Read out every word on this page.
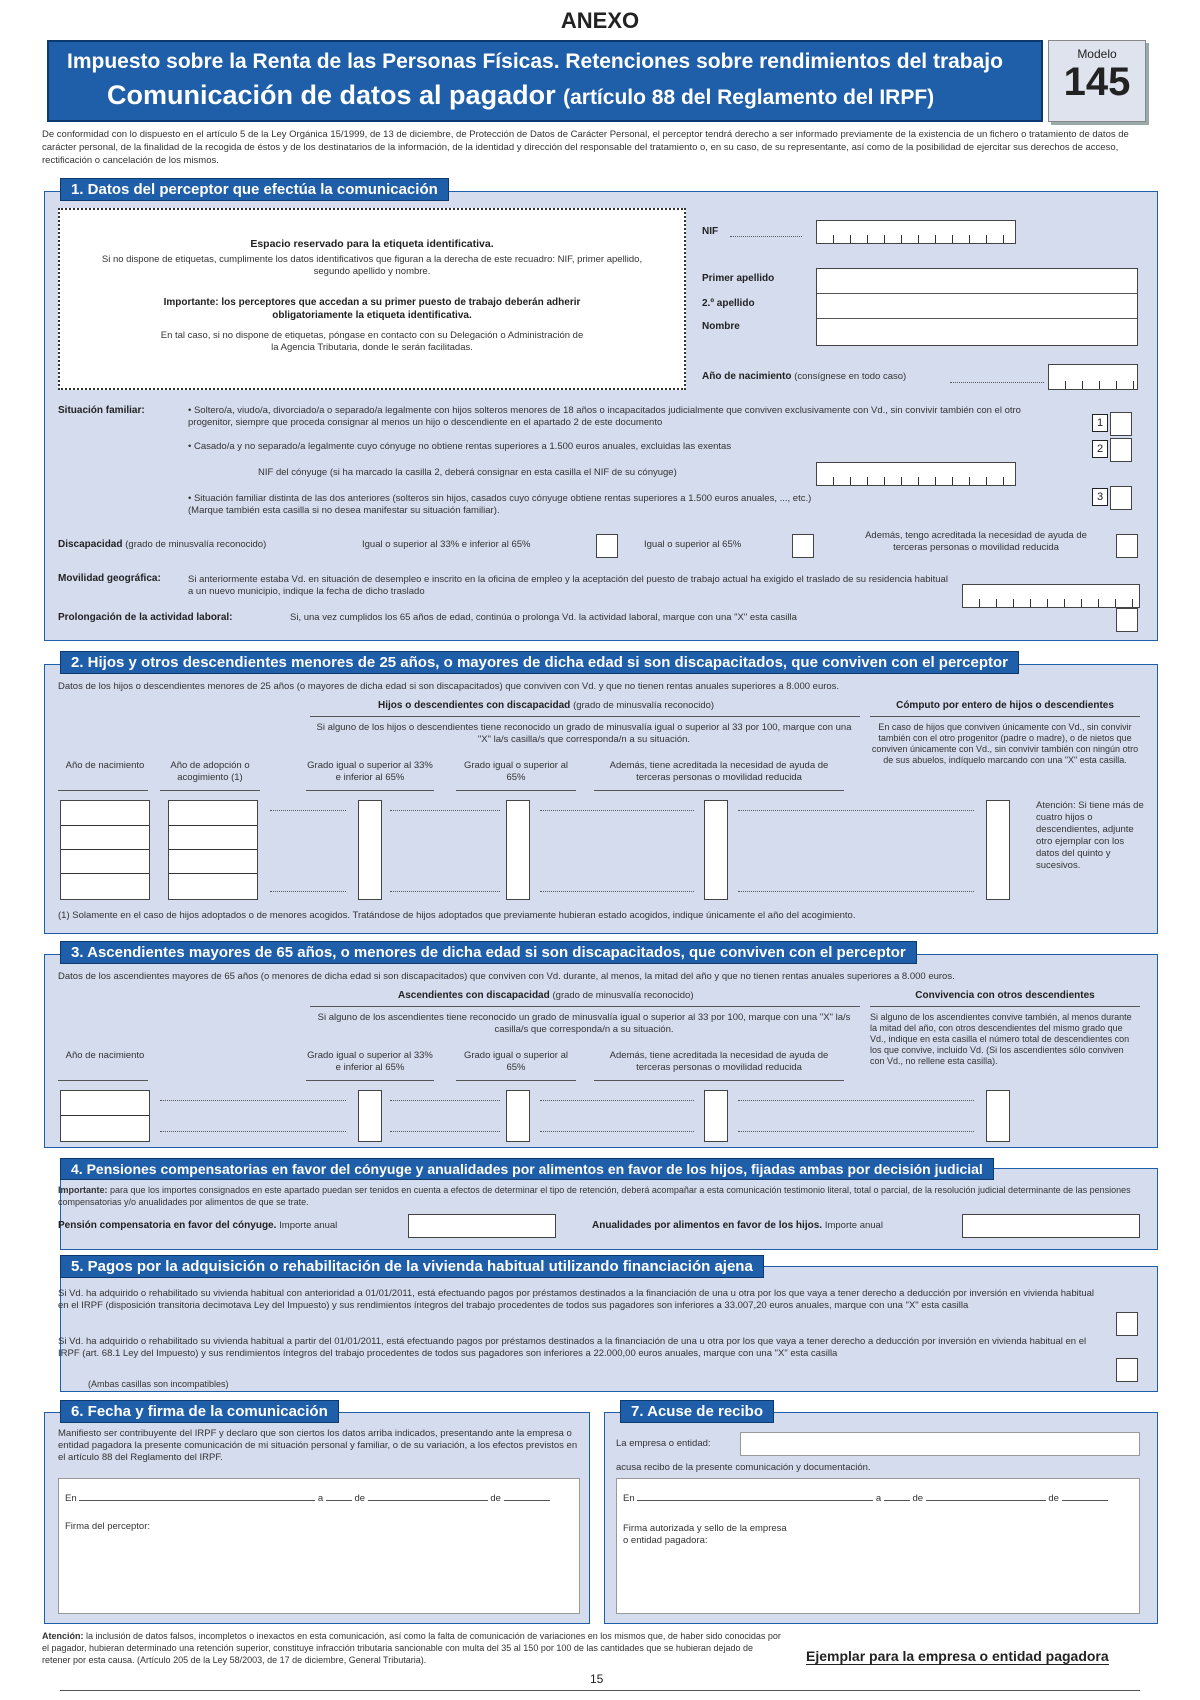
ANEXO
Impuesto sobre la Renta de las Personas Físicas. Retenciones sobre rendimientos del trabajo
Comunicación de datos al pagador (artículo 88 del Reglamento del IRPF)
Modelo
145
De conformidad con lo dispuesto en el artículo 5 de la Ley Orgánica 15/1999, de 13 de diciembre, de Protección de Datos de Carácter Personal, el perceptor tendrá derecho a ser informado previamente de la existencia de un fichero o tratamiento de datos de carácter personal, de la finalidad de la recogida de éstos y de los destinatarios de la información, de la identidad y dirección del responsable del tratamiento o, en su caso, de su representante, así como de la posibilidad de ejercitar sus derechos de acceso, rectificación o cancelación de los mismos.
1. Datos del perceptor que efectúa la comunicación
Espacio reservado para la etiqueta identificativa.
Si no dispone de etiquetas, cumplimente los datos identificativos que figuran a la derecha de este recuadro: NIF, primer apellido, segundo apellido y nombre.
Importante: los perceptores que accedan a su primer puesto de trabajo deberán adherir obligatoriamente la etiqueta identificativa.
En tal caso, si no dispone de etiquetas, póngase en contacto con su Delegación o Administración de la Agencia Tributaria, donde le serán facilitadas.
NIF
Primer apellido
2.º apellido
Nombre
Año de nacimiento (consígnese en todo caso)
Situación familiar:	• Soltero/a, viudo/a, divorciado/a o separado/a legalmente con hijos solteros menores de 18 años o incapacitados judicialmente que conviven exclusivamente con Vd., sin convivir también con el otro progenitor, siempre que proceda consignar al menos un hijo o descendiente en el apartado 2 de este documento
• Casado/a y no separado/a legalmente cuyo cónyuge no obtiene rentas superiores a 1.500 euros anuales, excluidas las exentas
NIF del cónyuge (si ha marcado la casilla 2, deberá consignar en esta casilla el NIF de su cónyuge)
• Situación familiar distinta de las dos anteriores (solteros sin hijos, casados cuyo cónyuge obtiene rentas superiores a 1.500 euros anuales, ..., etc.)
(Marque también esta casilla si no desea manifestar su situación familiar).
1
2
3
Discapacidad (grado de minusvalía reconocido)	Igual o superior al 33% e inferior al 65%	Igual o superior al 65%
Además, tengo acreditada la necesidad de ayuda de terceras personas o movilidad reducida
Movilidad geográfica:	Si anteriormente estaba Vd. en situación de desempleo e inscrito en la oficina de empleo y la aceptación del puesto de trabajo actual ha exigido el traslado de su residencia habitual a un nuevo municipio, indique la fecha de dicho traslado
Prolongación de la actividad laboral:	Si, una vez cumplidos los 65 años de edad, continúa o prolonga Vd. la actividad laboral, marque con una "X" esta casilla
2. Hijos y otros descendientes menores de 25 años, o mayores de dicha edad si son discapacitados, que conviven con el perceptor
Datos de los hijos o descendientes menores de 25 años (o mayores de dicha edad si son discapacitados) que conviven con Vd. y que no tienen rentas anuales superiores a 8.000 euros.
Hijos o descendientes con discapacidad (grado de minusvalía reconocido)	Cómputo por entero de hijos o descendientes
Si alguno de los hijos o descendientes tiene reconocido un grado de minusvalía igual o superior al 33 por 100, marque con una "X" la/s casilla/s que corresponda/n a su situación.
En caso de hijos que conviven únicamente con Vd., sin convivir también con el otro progenitor (padre o madre), o de nietos que conviven únicamente con Vd., sin convivir también con ningún otro de sus abuelos, indíquelo marcando con una "X" esta casilla.
Año de nacimiento	Año de adopción o acogimiento (1)
Grado igual o superior al 33% e inferior al 65%
Grado igual o superior al 65%
Además, tiene acreditada la necesidad de ayuda de terceras personas o movilidad reducida
Atención: Si tiene más de cuatro hijos o descendientes, adjunte otro ejemplar con los datos del quinto y sucesivos.
(1) Solamente en el caso de hijos adoptados o de menores acogidos. Tratándose de hijos adoptados que previamente hubieran estado acogidos, indique únicamente el año del acogimiento.
3. Ascendientes mayores de 65 años, o menores de dicha edad si son discapacitados, que conviven con el perceptor
Datos de los ascendientes mayores de 65 años (o menores de dicha edad si son discapacitados) que conviven con Vd. durante, al menos, la mitad del año y que no tienen rentas anuales superiores a 8.000 euros.
Ascendientes con discapacidad (grado de minusvalía reconocido)	Convivencia con otros descendientes
Si alguno de los ascendientes tiene reconocido un grado de minusvalía igual o superior al 33 por 100, marque con una "X" la/s casilla/s que corresponda/n a su situación.
Si alguno de los ascendientes convive también, al menos durante la mitad del año, con otros descendientes del mismo grado que Vd., indique en esta casilla el número total de descendientes con los que convive, incluido Vd. (Si los ascendientes sólo conviven con Vd., no rellene esta casilla).
Año de nacimiento	Grado igual o superior al 33% e inferior al 65%
Grado igual o superior al 65%
Además, tiene acreditada la necesidad de ayuda de terceras personas o movilidad reducida
4. Pensiones compensatorias en favor del cónyuge y anualidades por alimentos en favor de los hijos, fijadas ambas por decisión judicial
Importante: para que los importes consignados en este apartado puedan ser tenidos en cuenta a efectos de determinar el tipo de retención, deberá acompañar a esta comunicación testimonio literal, total o parcial, de la resolución judicial determinante de las pensiones compensatorias y/o anualidades por alimentos de que se trate.
Pensión compensatoria en favor del cónyuge. Importe anual	Anualidades por alimentos en favor de los hijos. Importe anual
5. Pagos por la adquisición o rehabilitación de la vivienda habitual utilizando financiación ajena
Si Vd. ha adquirido o rehabilitado su vivienda habitual con anterioridad a 01/01/2011, está efectuando pagos por préstamos destinados a la financiación de una u otra por los que vaya a tener derecho a deducción por inversión en vivienda habitual en el IRPF (disposición transitoria decimotava Ley del Impuesto) y sus rendimientos íntegros del trabajo procedentes de todos sus pagadores son inferiores a 33.007,20 euros anuales, marque con una "X" esta casilla
Si Vd. ha adquirido o rehabilitado su vivienda habitual a partir del 01/01/2011, está efectuando pagos por préstamos destinados a la financiación de una u otra por los que vaya a tener derecho a deducción por inversión en vivienda habitual en el IRPF (art. 68.1 Ley del Impuesto) y sus rendimientos íntegros del trabajo procedentes de todos sus pagadores son inferiores a 22.000,00 euros anuales, marque con una "X" esta casilla
(Ambas casillas son incompatibles)
6. Fecha y firma de la comunicación
Manifiesto ser contribuyente del IRPF y declaro que son ciertos los datos arriba indicados, presentando ante la empresa o entidad pagadora la presente comunicación de mi situación personal y familiar, o de su variación, a los efectos previstos en el artículo 88 del Reglamento del IRPF.
En	a	de	de
Firma del perceptor:
7. Acuse de recibo
La empresa o entidad:
acusa recibo de la presente comunicación y documentación.
En	a	de	de
Firma autorizada y sello de la empresa o entidad pagadora:
Atención: la inclusión de datos falsos, incompletos o inexactos en esta comunicación, así como la falta de comunicación de variaciones en los mismos que, de haber sido conocidas por el pagador, hubieran determinado una retención superior, constituye infracción tributaria sancionable con multa del 35 al 150 por 100 de las cantidades que se hubieran dejado de retener por esta causa. (Artículo 205 de la Ley 58/2003, de 17 de diciembre, General Tributaria).	Ejemplar para la empresa o entidad pagadora
15
